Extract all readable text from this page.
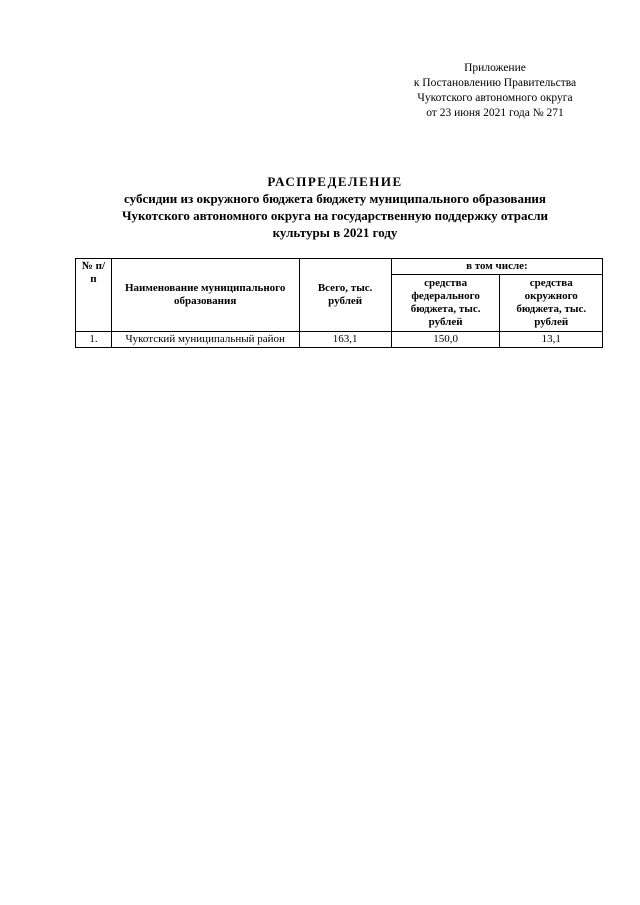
Приложение
к Постановлению Правительства
Чукотского автономного округа
от 23 июня 2021 года № 271
РАСПРЕДЕЛЕНИЕ
субсидии из окружного бюджета бюджету муниципального образования
Чукотского автономного округа на государственную поддержку отрасли
культуры в 2021 году
№ п/п	Наименование муниципального образования	Всего, тыс. рублей	в том числе:	
			средства федерального бюджета, тыс. рублей	средства окружного бюджета, тыс. рублей
1.	Чукотский муниципальный район	163,1	150,0	13,1
